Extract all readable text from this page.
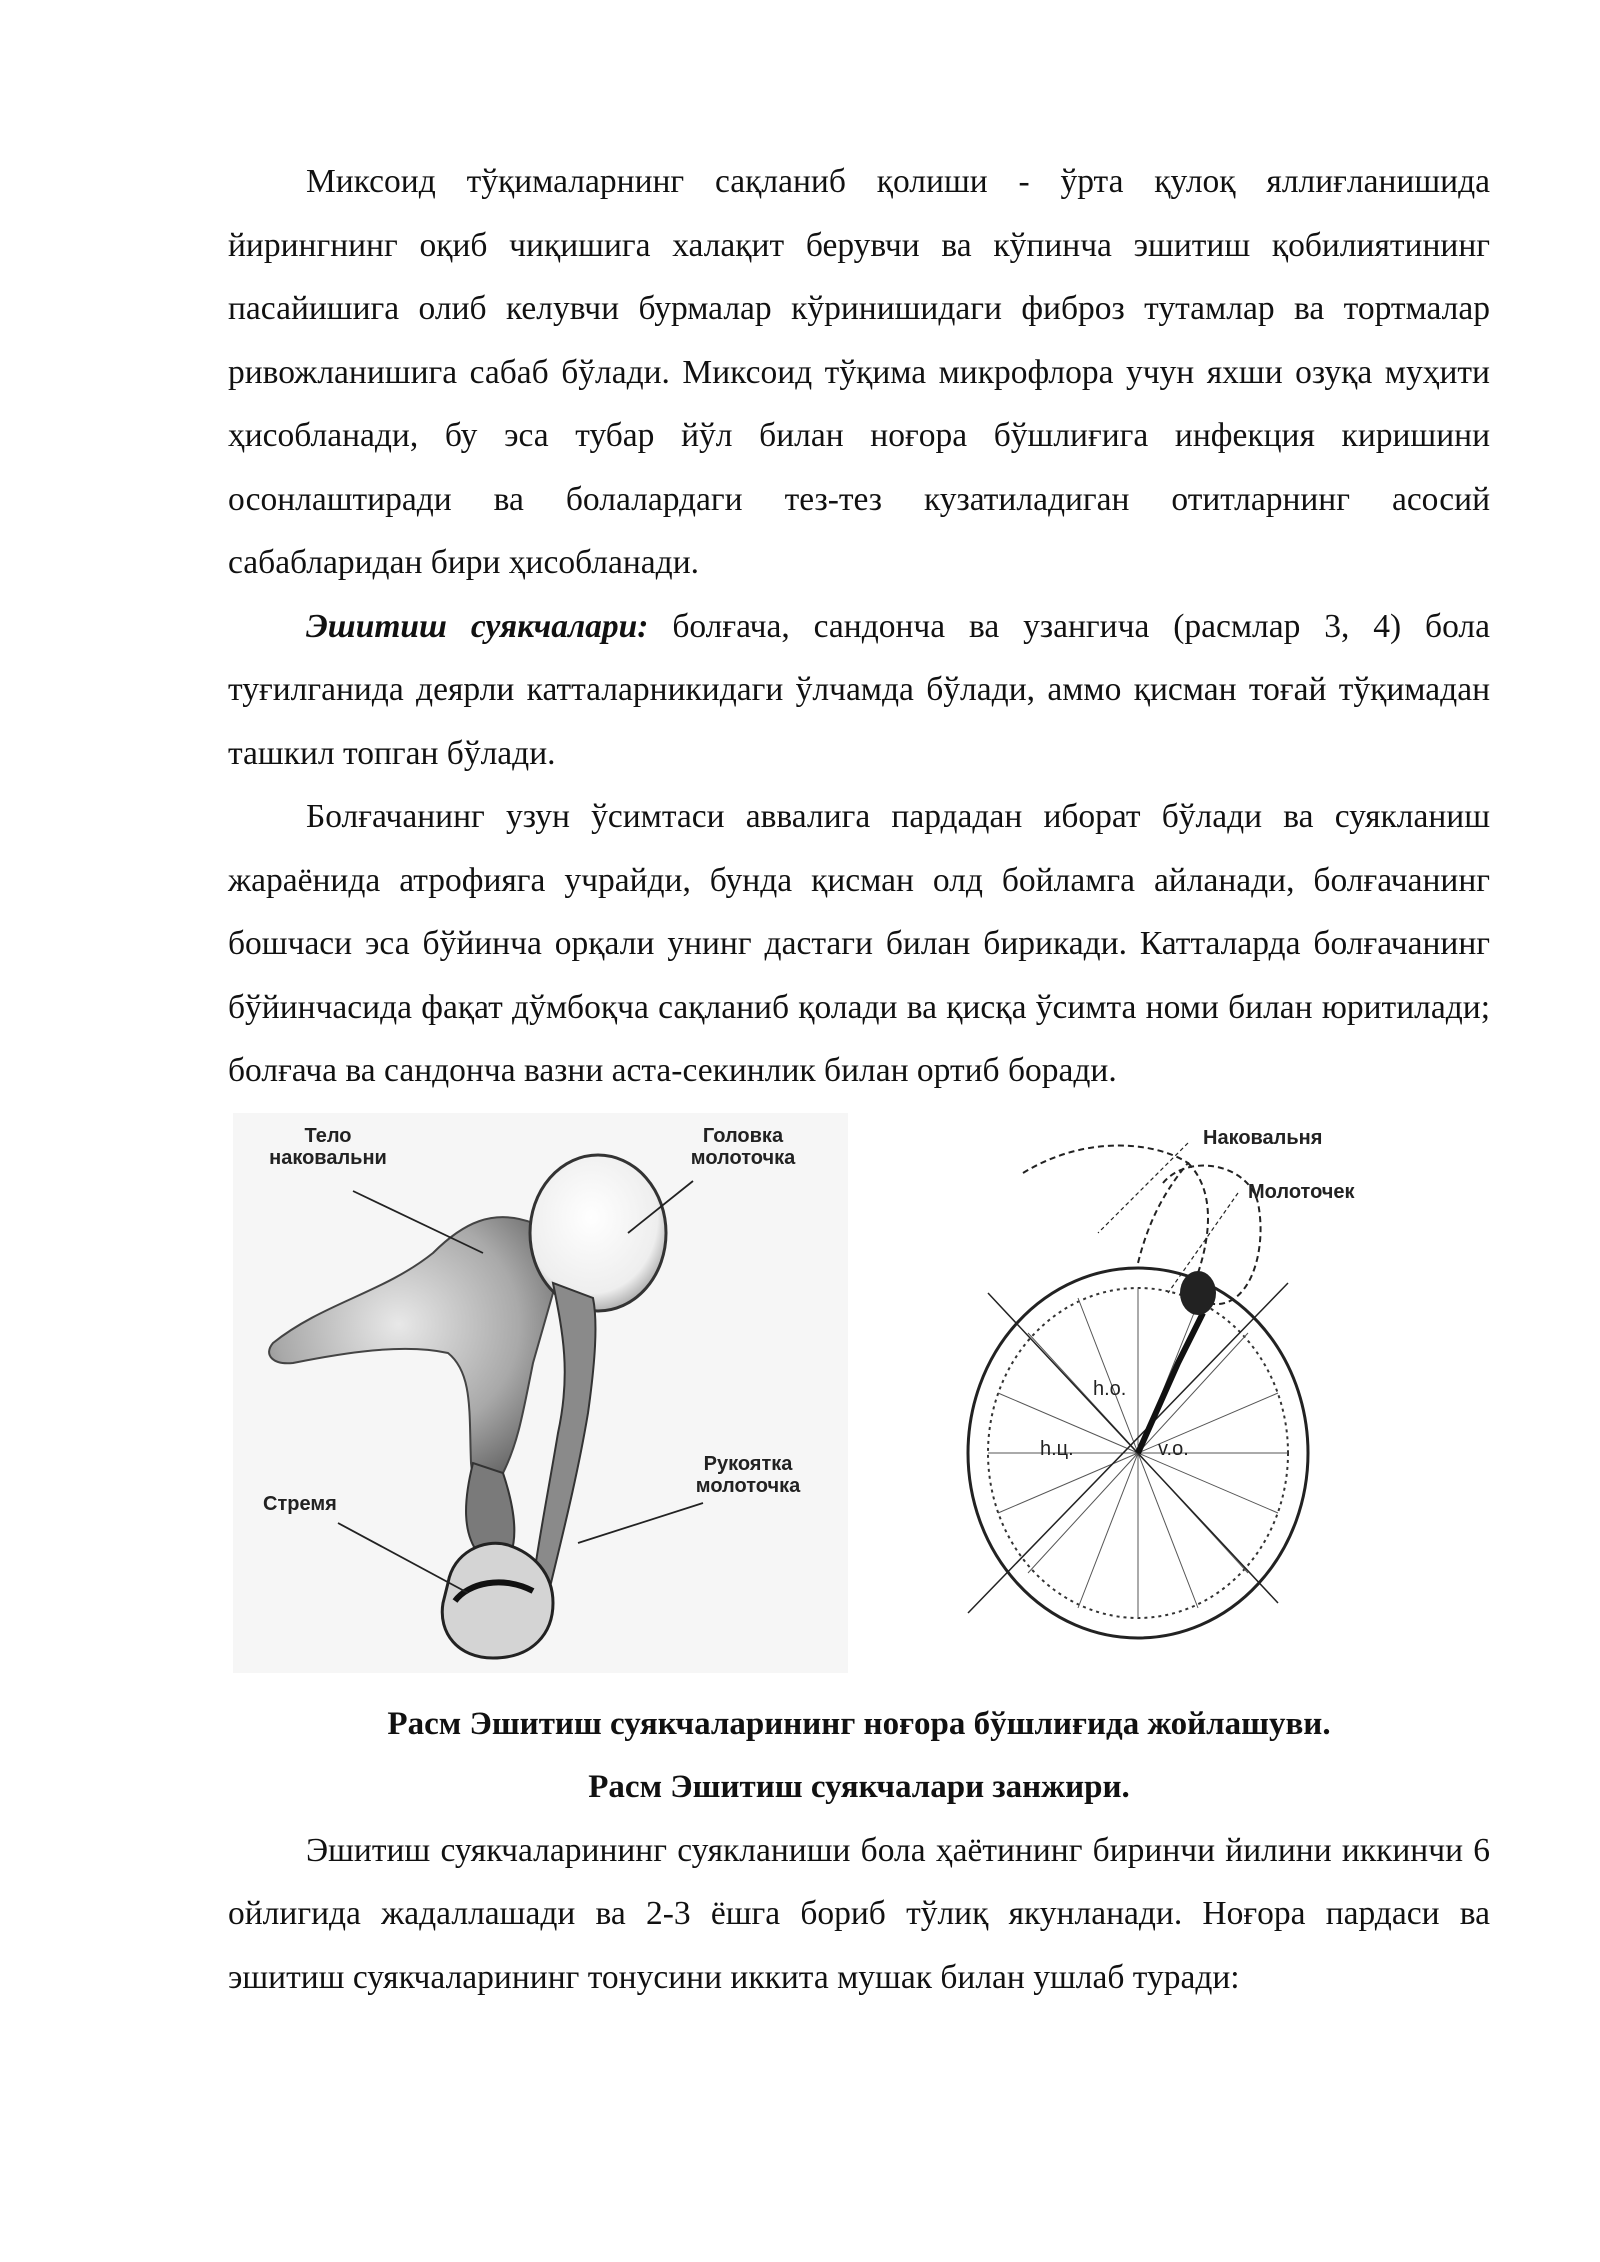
Миксоид тўқималарнинг сақланиб қолиши - ўрта қулоқ яллиғланишида йирингнинг оқиб чиқишига халақит берувчи ва кўпинча эшитиш қобилиятининг пасайишига олиб келувчи бурмалар кўринишидаги фиброз тутамлар ва тортмалар ривожланишига сабаб бўлади. Миксоид тўқима микрофлора учун яхши озуқа муҳити ҳисобланади, бу эса тубар йўл билан ноғора бўшлиғига инфекция киришини осонлаштиради ва болалардаги тез-тез кузатиладиган отитларнинг асосий сабабларидан бири ҳисобланади.

Эшитиш суякчалари: болғача, сандонча ва узангича (расмлар 3, 4) бола туғилганида деярли катталарникидаги ўлчамда бўлади, аммо қисман тоғай тўқимадан ташкил топган бўлади.

Болғачанинг узун ўсимтаси аввалига пардадан иборат бўлади ва суякланиш жараёнида атрофияга учрайди, бунда қисман олд бойламга айланади, болғачанинг бошчаси эса бўйинча орқали унинг дастаги билан бирикади. Катталарда болғачанинг бўйинчасида фақат дўмбоқча сақланиб қолади ва қисқа ўсимта номи билан юритилади; болғача ва сандонча вазни аста-секинлик билан ортиб боради.

Тело
наковальни
Головка
молоточка
Стремя
Рукоятка
молоточка
Наковальня
Молоточек
h.o.
h.ц.	v.o.

Расм Эшитиш суякчаларининг ноғора бўшлиғида жойлашуви.

Расм Эшитиш суякчалари занжири.

Эшитиш суякчаларининг суякланиши бола ҳаётининг биринчи йилини иккинчи 6 ойлигида жадаллашади ва 2-3 ёшга бориб тўлиқ якунланади. Ноғора пардаси ва эшитиш суякчаларининг тонусини иккита мушак билан ушлаб туради:
